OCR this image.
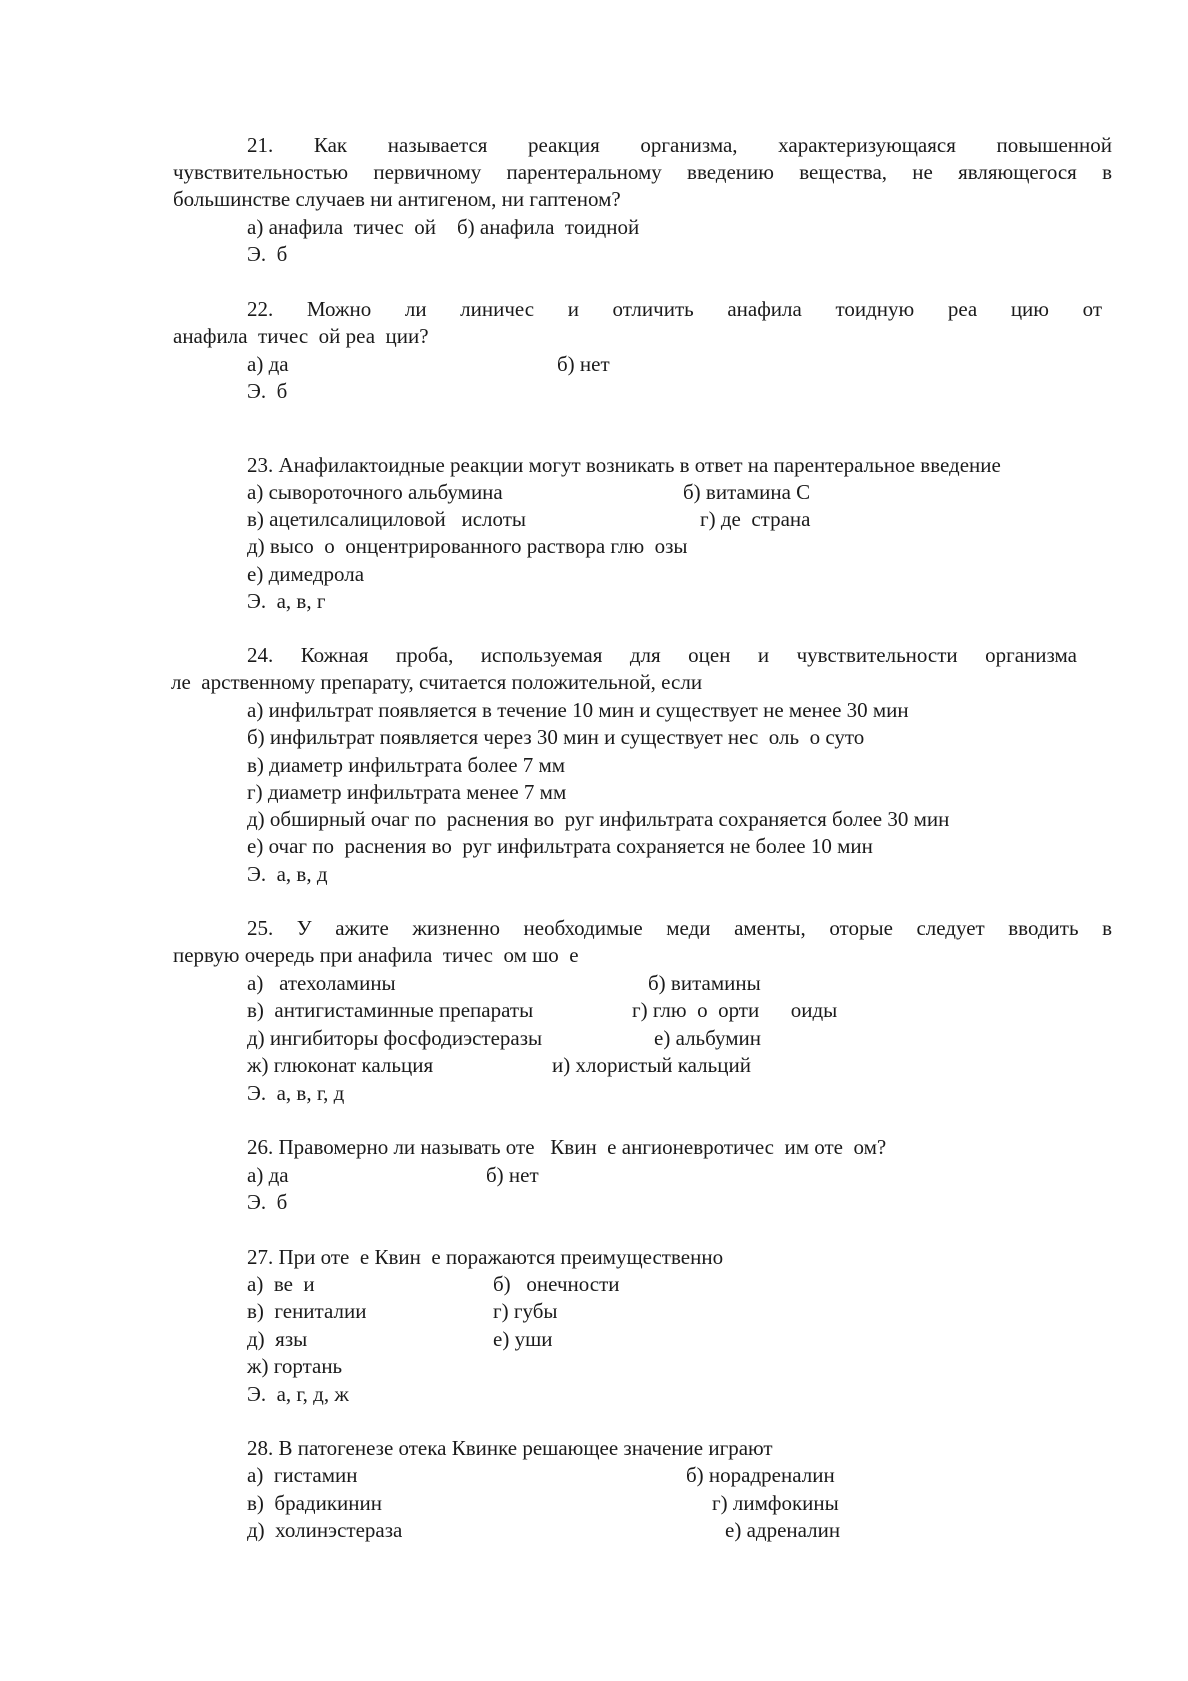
21. Как называется реакция организма, характеризующаяся повышенной
чувствительностью первичному парентеральному введению вещества, не являющегося в
большинстве случаев ни антигеном, ни гаптеном?
а) анафила  тичес  ой    б) анафила  тоидной
Э.  б
22. Можно ли линичес и отличить анафила тоидную реа цию от
анафила  тичес  ой реа  ции?
а) да	б) нет
Э.  б
23. Анафилактоидные реакции могут возникать в ответ на парентеральное введение
а) сывороточного альбумина	б) витамина С
в) ацетилсалициловой   ислоты	г) де  страна
д) высо  о  онцентрированного раствора глю  озы
е) димедрола
Э.  а, в, г
24. Кожная проба, используемая для оцен и чувствительности организма
ле  арственному препарату, считается положительной, если
а) инфильтрат появляется в течение 10 мин и существует не менее 30 мин
б) инфильтрат появляется через 30 мин и существует нес  оль  о суто
в) диаметр инфильтрата более 7 мм
г) диаметр инфильтрата менее 7 мм
д) обширный очаг по  раснения во  руг инфильтрата сохраняется более 30 мин
е) очаг по  раснения во  руг инфильтрата сохраняется не более 10 мин
Э.  а, в, д
25. У ажите жизненно необходимые меди аменты, оторые следует вводить в
первую очередь при анафила  тичес  ом шо  е
а)   атехоламины	б) витамины
в)  антигистаминные препараты	г) глю  о  орти      оиды
д) ингибиторы фосфодиэстеразы	е) альбумин
ж) глюконат кальция	и) хлористый кальций
Э.  а, в, г, д
26. Правомерно ли называть оте   Квин  е ангионевротичес  им оте  ом?
а) да	б) нет
Э.  б
27. При оте  е Квин  е поражаются преимущественно
а)  ве  и	б)   онечности
в)  гениталии	г) губы
д)  язы	е) уши
ж) гортань
Э.  а, г, д, ж
28. В патогенезе отека Квинке решающее значение играют
а)  гистамин	б) норадреналин
в)  брадикинин	г) лимфокины
д)  холинэстераза	е) адреналин
